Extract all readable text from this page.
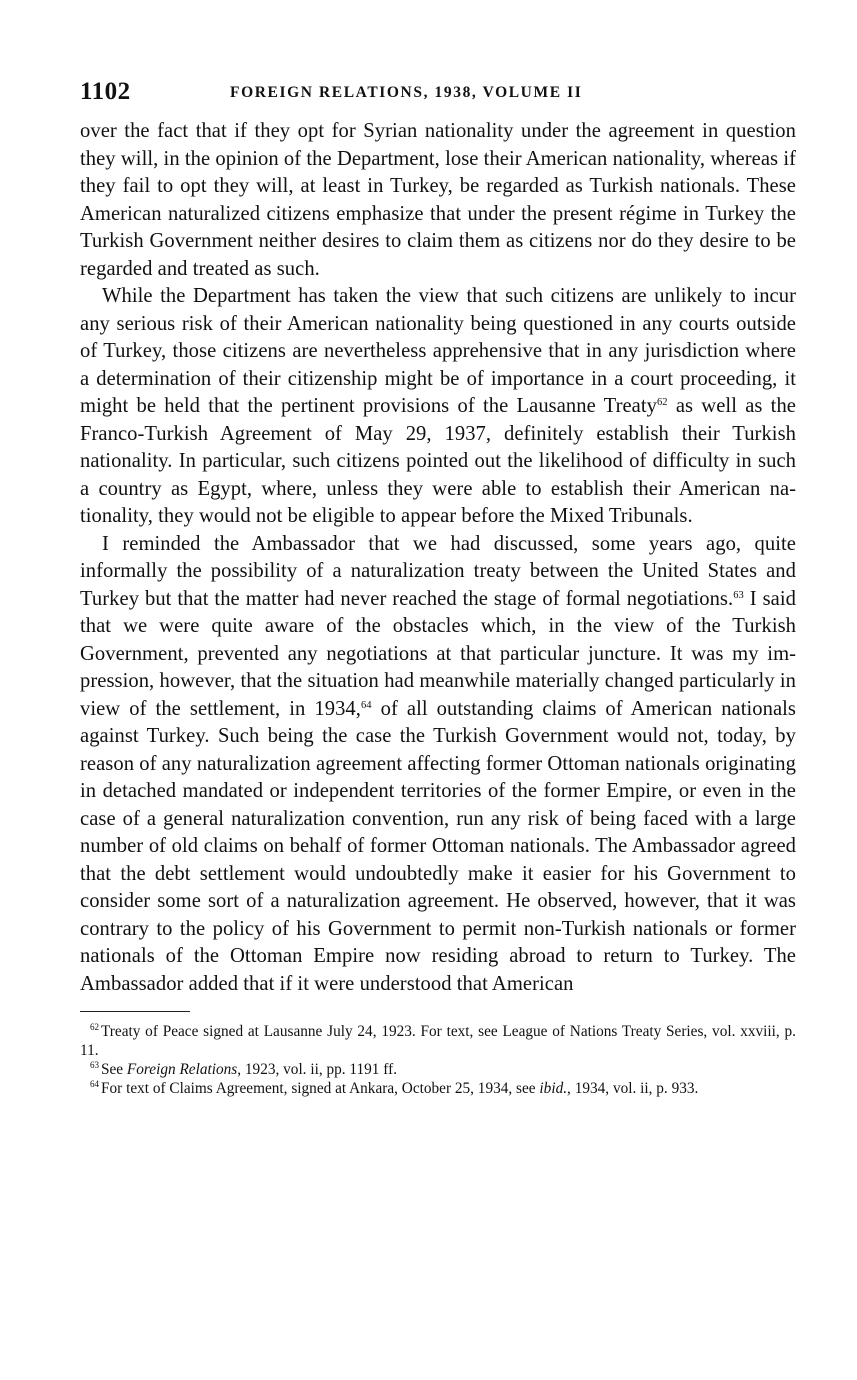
1102	FOREIGN RELATIONS, 1938, VOLUME II

over the fact that if they opt for Syrian nationality under the agreement in question they will, in the opinion of the Department, lose their American nationality, whereas if they fail to opt they will, at least in Turkey, be regarded as Turkish nationals. These American naturalized citizens emphasize that under the present régime in Turkey the Turkish Government neither desires to claim them as citizens nor do they desire to be regarded and treated as such.

While the Department has taken the view that such citizens are unlikely to incur any serious risk of their American nationality being questioned in any courts outside of Turkey, those citizens are nevertheless apprehensive that in any jurisdiction where a determination of their citizenship might be of importance in a court proceeding, it might be held that the pertinent provisions of the Lausanne Treaty$^{62}$ as well as the Franco-Turkish Agreement of May 29, 1937, definitely establish their Turkish nationality. In particular, such citizens pointed out the likelihood of difficulty in such a country as Egypt, where, unless they were able to establish their American nationality, they would not be eligible to appear before the Mixed Tribunals.

I reminded the Ambassador that we had discussed, some years ago, quite informally the possibility of a naturalization treaty between the United States and Turkey but that the matter had never reached the stage of formal negotiations.$^{63}$ I said that we were quite aware of the obstacles which, in the view of the Turkish Government, prevented any negotiations at that particular juncture. It was my impression, however, that the situation had meanwhile materially changed particularly in view of the settlement, in 1934,64 of all outstanding claims of American nationals against Turkey. Such being the case the Turkish Government would not, today, by reason of any naturalization agreement affecting former Ottoman nationals originating in detached mandated or independent territories of the former Empire, or even in the case of a general naturalization convention, run any risk of being faced with a large number of old claims on behalf of former Ottoman nationals. The Ambassador agreed that the debt settlement would undoubtedly make it easier for his Government to consider some sort of a naturalization agreement. He observed, however, that it was contrary to the policy of his Government to permit non-Turkish nationals or former nationals of the Ottoman Empire now residing abroad to return to Turkey. The Ambassador added that if it were understood that American

$^{62}$ Treaty of Peace signed at Lausanne July 24, 1923. For text, see League of Nations Treaty Series, vol. xxviii, p. 11.

$^{63}$ See Foreign Relations, 1923, vol. ii, pp. 1191 ff.

$^{64}$ For text of Claims Agreement, signed at Ankara, October 25, 1934, see ibid., 1934, vol. ii, p. 933.
